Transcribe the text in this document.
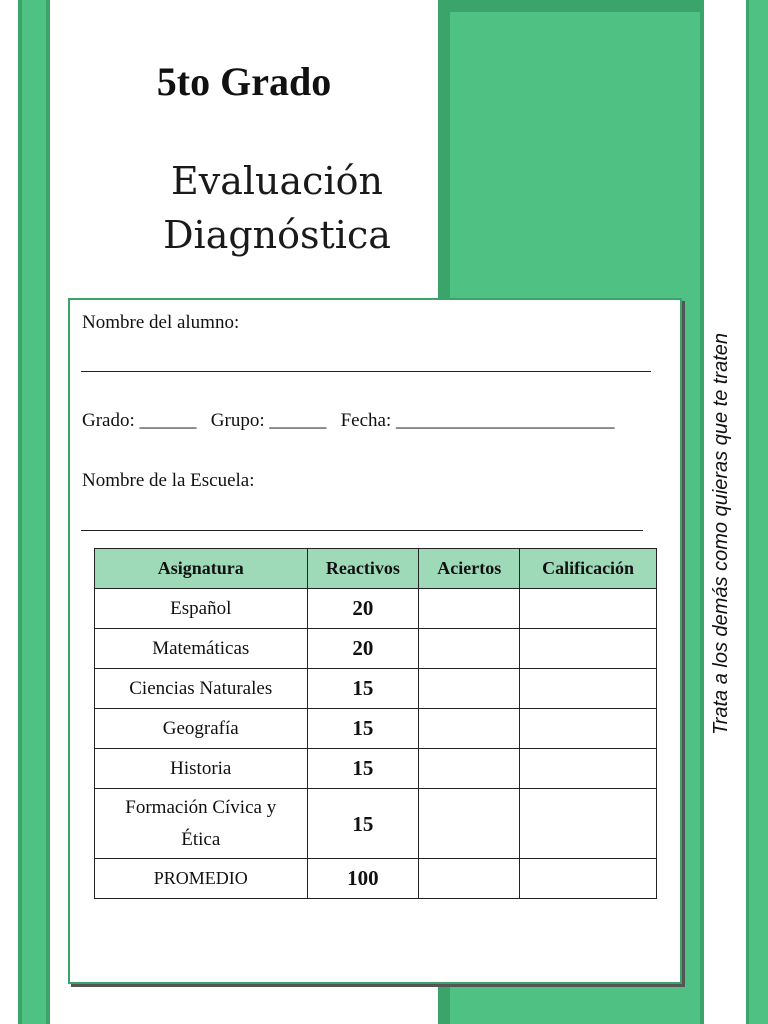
5to Grado
Evaluación
Diagnóstica
Trata a los demás como quieras que te traten
Nombre del alumno:
Grado: ______ Grupo: ______ Fecha: _______________________
Nombre de la Escuela:
Asignatura	Reactivos	Aciertos	Calificación
Español	20		
Matemáticas	20		
Ciencias Naturales	15		
Geografía	15		
Historia	15		

Formación Cívica y
Ética	15		
PROMEDIO	100		
